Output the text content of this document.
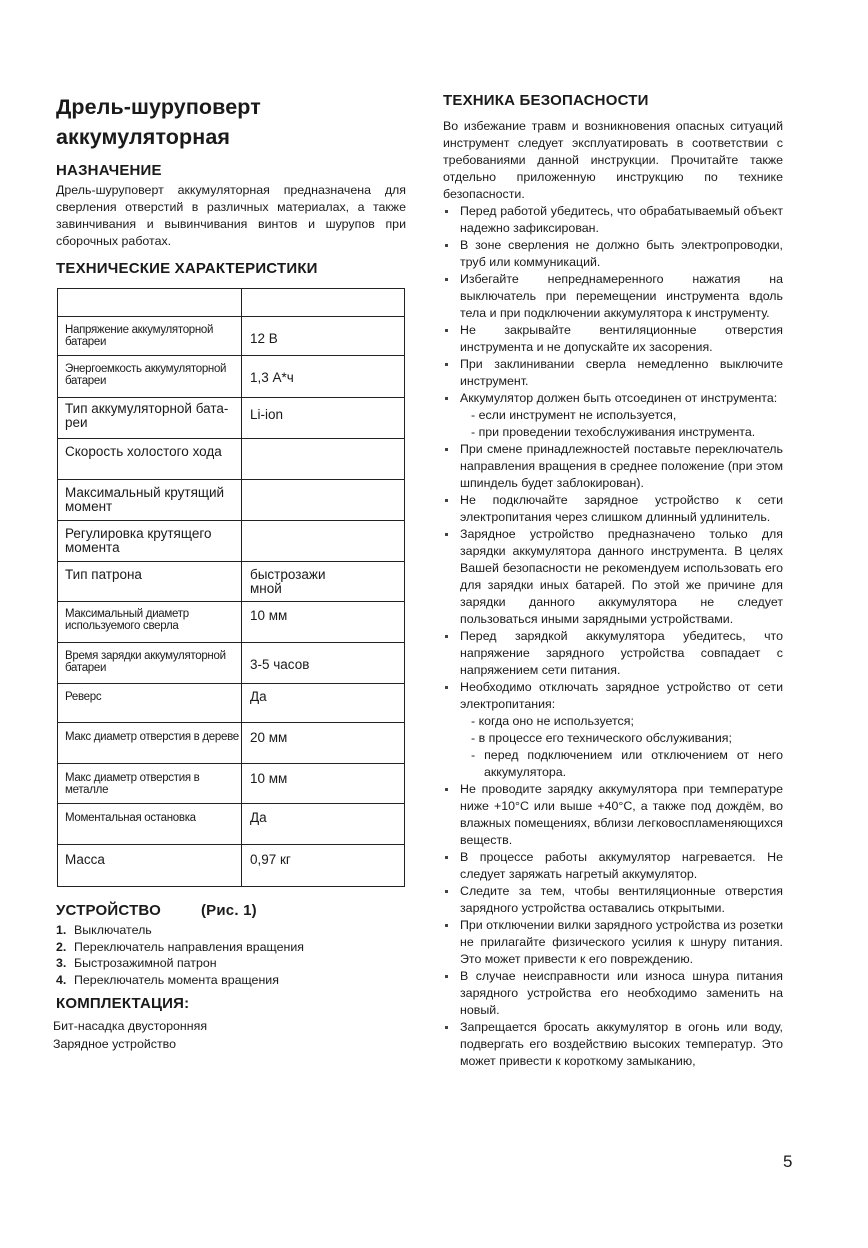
Дрель-шуруповерт
аккумуляторная
НАЗНАЧЕНИЕ

Дрель-шуруповерт аккумуляторная предназначена для сверления отверстий в различных материалах, а также завинчивания и вывинчивания винтов и шурупов при сборочных работах.

ТЕХНИЧЕСКИЕ ХАРАКТЕРИСТИКИ

Напряжение аккумуляторной батареи	12 В

Энергоемкость аккумуляторной батареи	1,3 А*ч

Тип аккумуляторной бата- реи	Li-ion

Скорость холостого хода	

Максимальный крутящий момент	

Регулировка крутящего момента	

Тип патрона	быстрозажимной

Максимальный диаметр используемого сверла	10 мм

Время зарядки аккумуляторной батареи	3-5 часов

Реверс	Да

Макс диаметр отверстия в дереве	20 мм

Макс диаметр отверстия в металле	10 мм

Моментальная остановка	Да

Масса	0,97 кг
УСТРОЙСТВО	(Рис. 1)
1. Выключатель
2. Переключатель направления вращения
3. Быстрозажимной патрон
4. Переключатель момента вращения
КОМПЛЕКТАЦИЯ:
Бит-насадка двусторонняя
Зарядное устройство
ТЕХНИКА БЕЗОПАСНОСТИ

Во избежание травм и возникновения опасных ситуаций инструмент следует эксплуатировать в соответствии с требованиями данной инструкции. Прочитайте также отдельно приложенную инструкцию по технике безопасности.

Перед работой убедитесь, что обрабатываемый объект надежно зафиксирован.
В зоне сверления не должно быть электропроводки, труб или коммуникаций.
Избегайте непреднамеренного нажатия на выключатель при перемещении инструмента вдоль тела и при подключении аккумулятора к инструменту.
Не закрывайте вентиляционные отверстия инструмента и не допускайте их засорения.
При заклинивании сверла немедленно выключите инструмент.
Аккумулятор должен быть отсоединен от инструмента:
- если инструмент не используется,
- при проведении техобслуживания инструмента.
При смене принадлежностей поставьте переключатель направления вращения в среднее положение (при этом шпиндель будет заблокирован).
Не подключайте зарядное устройство к сети электропитания через слишком длинный удлинитель.
Зарядное устройство предназначено только для зарядки аккумулятора данного инструмента. В целях Вашей безопасности не рекомендуем использовать его для зарядки иных батарей. По этой же причине для зарядки данного аккумулятора не следует пользоваться иными зарядными устройствами.
Перед зарядкой аккумулятора убедитесь, что напряжение зарядного устройства совпадает с напряжением сети питания.
Необходимо отключать зарядное устройство от сети электропитания:
- когда оно не используется;
- в процессе его технического обслуживания;
- перед подключением или отключением от него аккумулятора.
Не проводите зарядку аккумулятора при температуре ниже +10°С или выше +40°С, а также под дождём, во влажных помещениях, вблизи легковоспламеняющихся веществ.
В процессе работы аккумулятор нагревается. Не следует заряжать нагретый аккумулятор.
Следите за тем, чтобы вентиляционные отверстия зарядного устройства оставались открытыми.
При отключении вилки зарядного устройства из розетки не прилагайте физического усилия к шнуру питания. Это может привести к его повреждению.
В случае неисправности или износа шнура питания зарядного устройства его необходимо заменить на новый.
Запрещается бросать аккумулятор в огонь или воду, подвергать его воздействию высоких температур. Это может привести к короткому замыканию,
5
